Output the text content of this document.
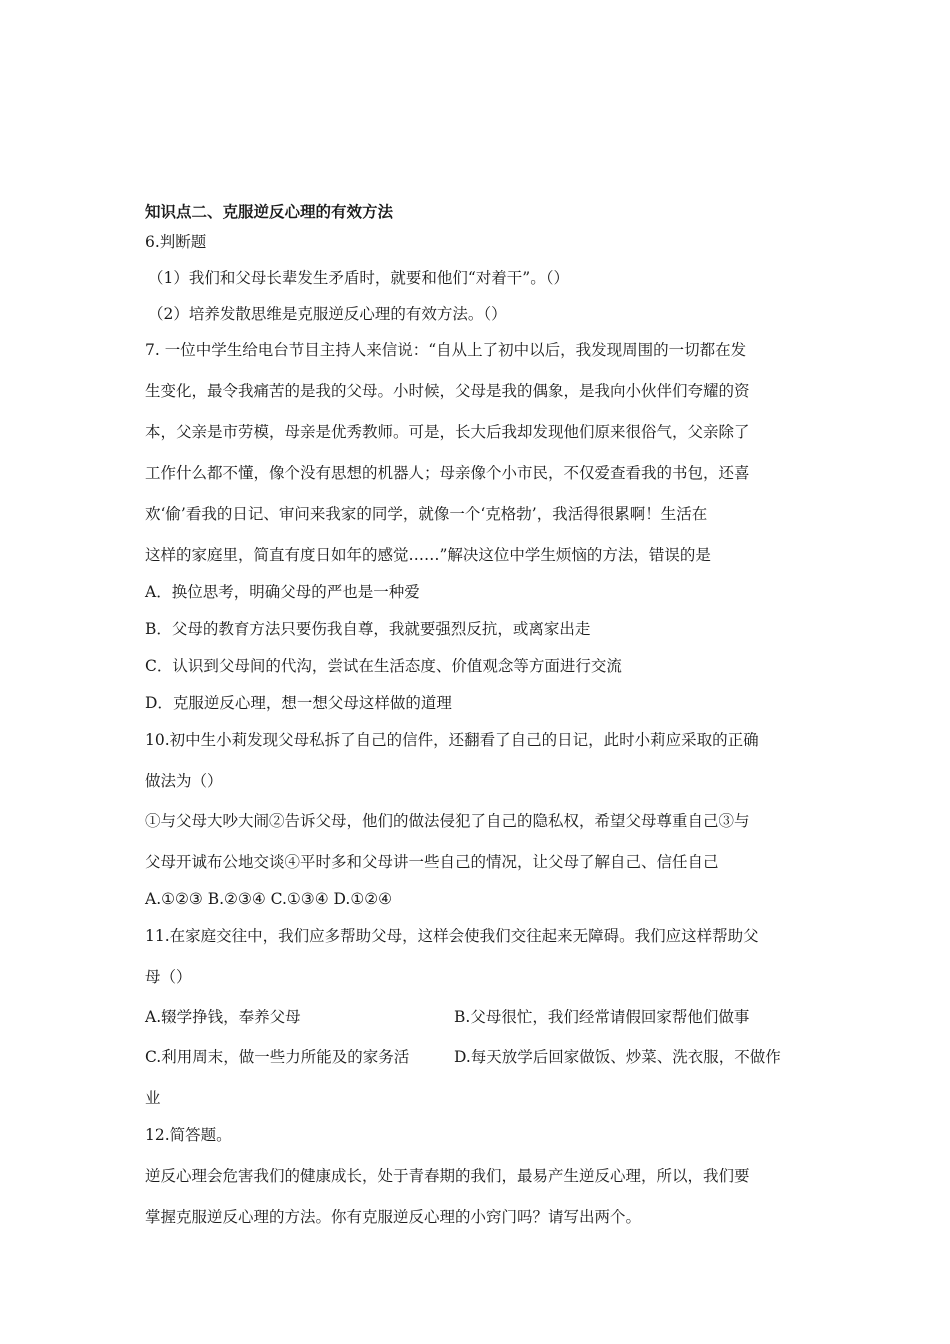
知识点二、克服逆反心理的有效方法
6.判断题
（1）我们和父母长辈发生矛盾时，就要和他们“对着干”。（）
（2）培养发散思维是克服逆反心理的有效方法。（）
7. 一位中学生给电台节目主持人来信说：“自从上了初中以后，我发现周围的一切都在发
生变化，最令我痛苦的是我的父母。小时候，父母是我的偶象，是我向小伙伴们夸耀的资
本，父亲是市劳模，母亲是优秀教师。可是，长大后我却发现他们原来很俗气，父亲除了
工作什么都不懂，像个没有思想的机器人；母亲像个小市民，不仅爱查看我的书包，还喜
欢‘偷’看我的日记、审问来我家的同学，就像一个‘克格勃’，我活得很累啊！生活在
这样的家庭里，简直有度日如年的感觉……”解决这位中学生烦恼的方法，错误的是
A．换位思考，明确父母的严也是一种爱
B．父母的教育方法只要伤我自尊，我就要强烈反抗，或离家出走
C．认识到父母间的代沟，尝试在生活态度、价值观念等方面进行交流
D．克服逆反心理，想一想父母这样做的道理
10.初中生小莉发现父母私拆了自己的信件，还翻看了自己的日记，此时小莉应采取的正确
做法为（）
①与父母大吵大闹②告诉父母，他们的做法侵犯了自己的隐私权，希望父母尊重自己③与
父母开诚布公地交谈④平时多和父母讲一些自己的情况，让父母了解自己、信任自己
A.①②③ B.②③④ C.①③④ D.①②④
11.在家庭交往中，我们应多帮助父母，这样会使我们交往起来无障碍。我们应这样帮助父
母（）
A.辍学挣钱，奉养父母	B.父母很忙，我们经常请假回家帮他们做事
C.利用周末，做一些力所能及的家务活	D.每天放学后回家做饭、炒菜、洗衣服，不做作
业
12.简答题。
逆反心理会危害我们的健康成长，处于青春期的我们，最易产生逆反心理，所以，我们要
掌握克服逆反心理的方法。你有克服逆反心理的小窍门吗？请写出两个。
